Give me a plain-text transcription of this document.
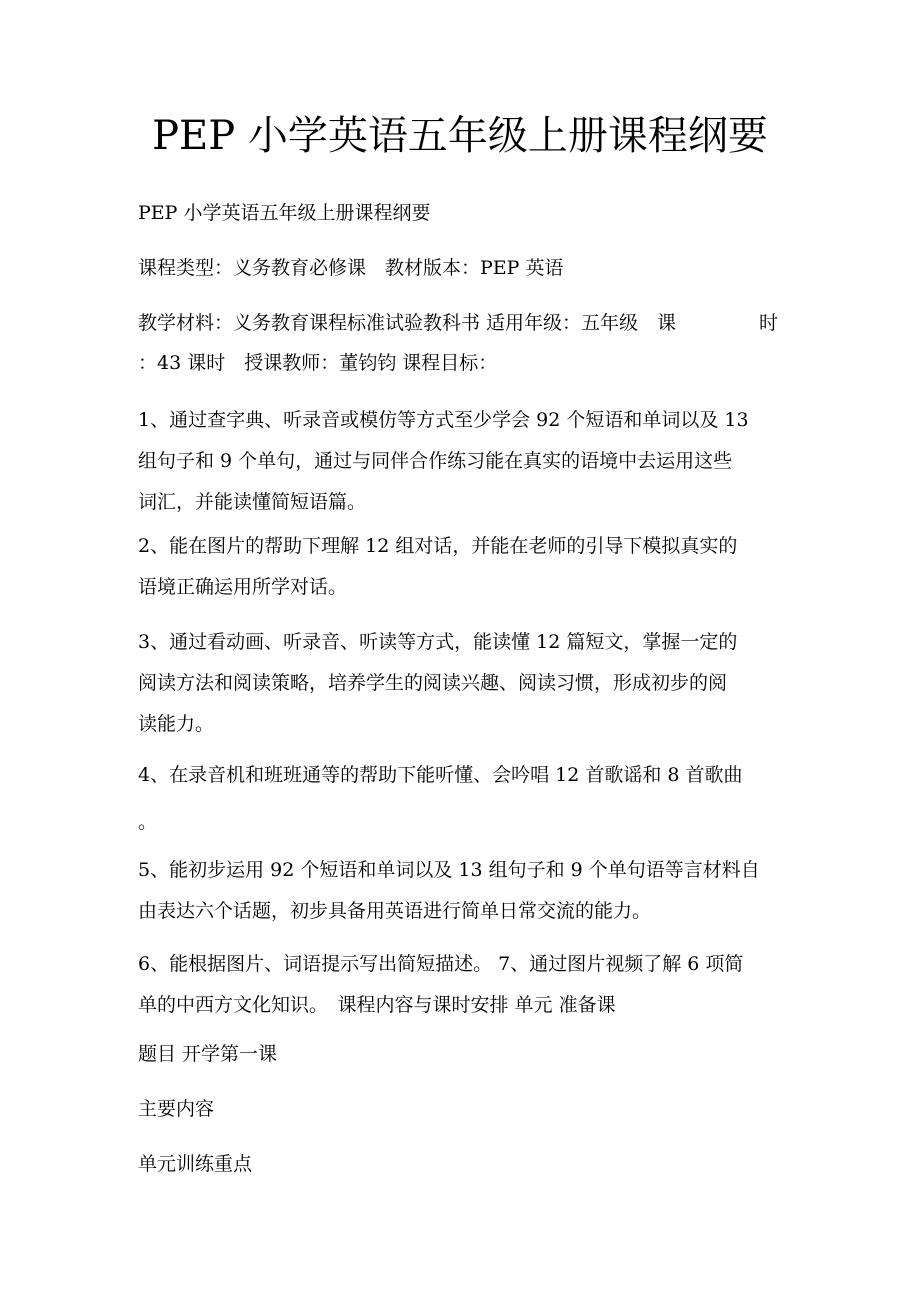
PEP 小学英语五年级上册课程纲要

PEP 小学英语五年级上册课程纲要

课程类型：义务教育必修课　教材版本：PEP 英语

教学材料：义务教育课程标准试验教科书 适用年级：五年级　课	时

：43 课时　授课教师：董钧钧 课程目标：

1、通过查字典、听录音或模仿等方式至少学会 92 个短语和单词以及 13
组句子和 9 个单句，通过与同伴合作练习能在真实的语境中去运用这些
词汇，并能读懂简短语篇。
2、能在图片的帮助下理解 12 组对话，并能在老师的引导下模拟真实的
语境正确运用所学对话。
3、通过看动画、听录音、听读等方式，能读懂 12 篇短文，掌握一定的
阅读方法和阅读策略，培养学生的阅读兴趣、阅读习惯，形成初步的阅
读能力。
4、在录音机和班班通等的帮助下能听懂、会吟唱 12 首歌谣和 8 首歌曲
。
5、能初步运用 92 个短语和单词以及 13 组句子和 9 个单句语等言材料自
由表达六个话题，初步具备用英语进行简单日常交流的能力。
6、能根据图片、词语提示写出简短描述。 7、通过图片视频了解 6 项简
单的中西方文化知识。　课程内容与课时安排 单元 准备课

题目 开学第一课

主要内容

单元训练重点
